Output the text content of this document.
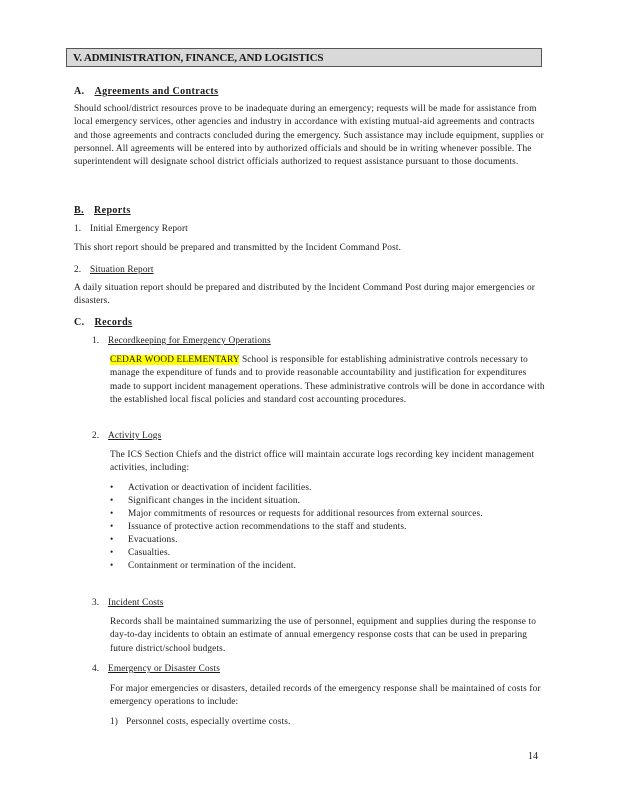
V. ADMINISTRATION, FINANCE, AND LOGISTICS
A. Agreements and Contracts
Should school/district resources prove to be inadequate during an emergency; requests will be made for assistance from local emergency services, other agencies and industry in accordance with existing mutual-aid agreements and contracts and those agreements and contracts concluded during the emergency. Such assistance may include equipment, supplies or personnel. All agreements will be entered into by authorized officials and should be in writing whenever possible. The superintendent will designate school district officials authorized to request assistance pursuant to those documents.
B. Reports
1. Initial Emergency Report
This short report should be prepared and transmitted by the Incident Command Post.
2. Situation Report
A daily situation report should be prepared and distributed by the Incident Command Post during major emergencies or disasters.
C. Records
1. Recordkeeping for Emergency Operations
CEDAR WOOD ELEMENTARY School is responsible for establishing administrative controls necessary to manage the expenditure of funds and to provide reasonable accountability and justification for expenditures made to support incident management operations. These administrative controls will be done in accordance with the established local fiscal policies and standard cost accounting procedures.
2. Activity Logs
The ICS Section Chiefs and the district office will maintain accurate logs recording key incident management activities, including:
• Activation or deactivation of incident facilities.
• Significant changes in the incident situation.
• Major commitments of resources or requests for additional resources from external sources.
• Issuance of protective action recommendations to the staff and students.
• Evacuations.
• Casualties.
• Containment or termination of the incident.
3. Incident Costs
Records shall be maintained summarizing the use of personnel, equipment and supplies during the response to day-to-day incidents to obtain an estimate of annual emergency response costs that can be used in preparing future district/school budgets.
4. Emergency or Disaster Costs
For major emergencies or disasters, detailed records of the emergency response shall be maintained of costs for emergency operations to include:
1) Personnel costs, especially overtime costs.
14
